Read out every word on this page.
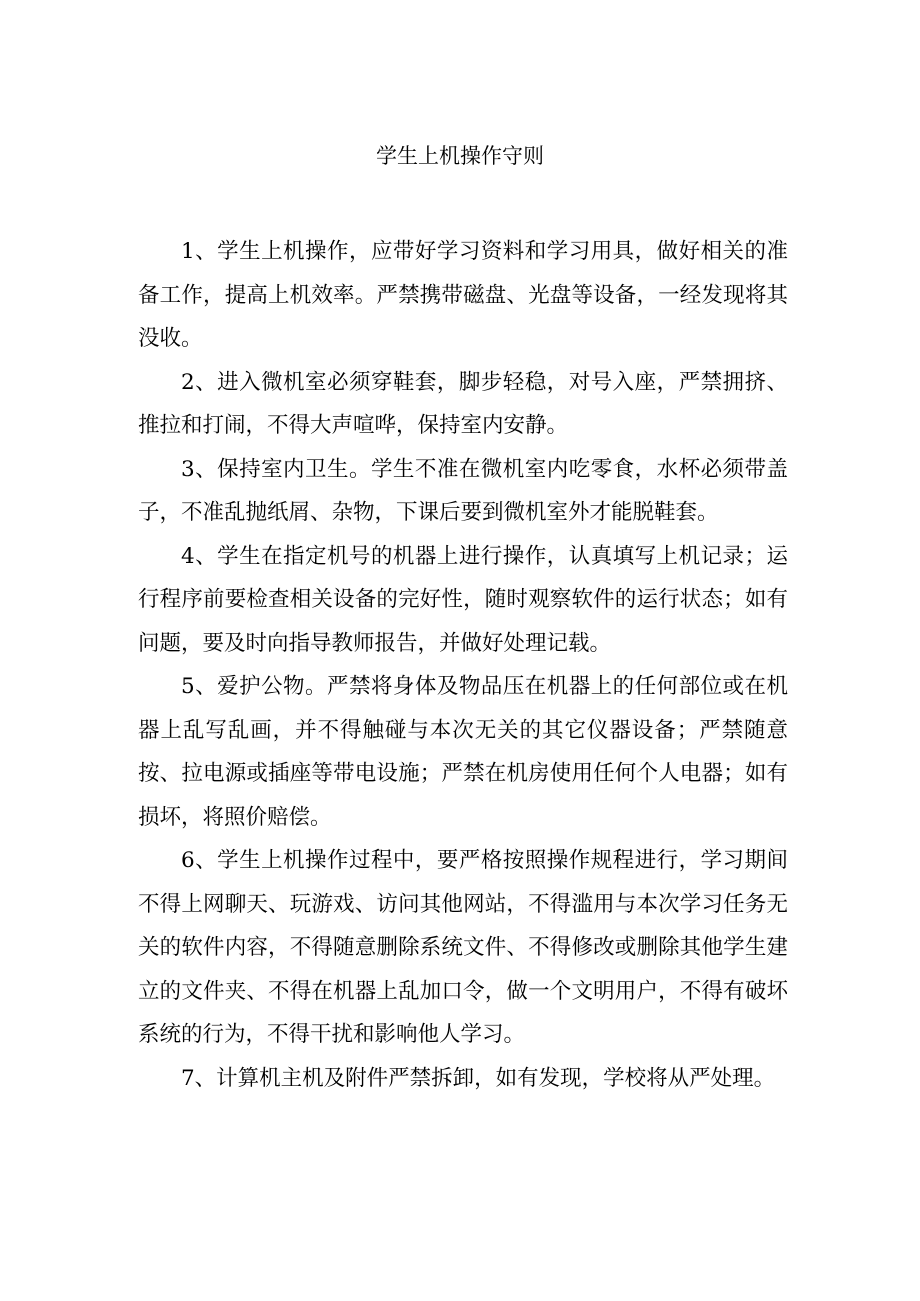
学生上机操作守则

1、学生上机操作，应带好学习资料和学习用具，做好相关的准备工作，提高上机效率。严禁携带磁盘、光盘等设备，一经发现将其没收。

2、进入微机室必须穿鞋套，脚步轻稳，对号入座，严禁拥挤、推拉和打闹，不得大声喧哗，保持室内安静。

3、保持室内卫生。学生不准在微机室内吃零食，水杯必须带盖子，不准乱抛纸屑、杂物，下课后要到微机室外才能脱鞋套。

4、学生在指定机号的机器上进行操作，认真填写上机记录；运行程序前要检查相关设备的完好性，随时观察软件的运行状态；如有问题，要及时向指导教师报告，并做好处理记载。

5、爱护公物。严禁将身体及物品压在机器上的任何部位或在机器上乱写乱画，并不得触碰与本次无关的其它仪器设备；严禁随意按、拉电源或插座等带电设施；严禁在机房使用任何个人电器；如有损坏，将照价赔偿。

6、学生上机操作过程中，要严格按照操作规程进行，学习期间不得上网聊天、玩游戏、访问其他网站，不得滥用与本次学习任务无关的软件内容，不得随意删除系统文件、不得修改或删除其他学生建立的文件夹、不得在机器上乱加口令，做一个文明用户，不得有破坏系统的行为，不得干扰和影响他人学习。

7、计算机主机及附件严禁拆卸，如有发现，学校将从严处理。
